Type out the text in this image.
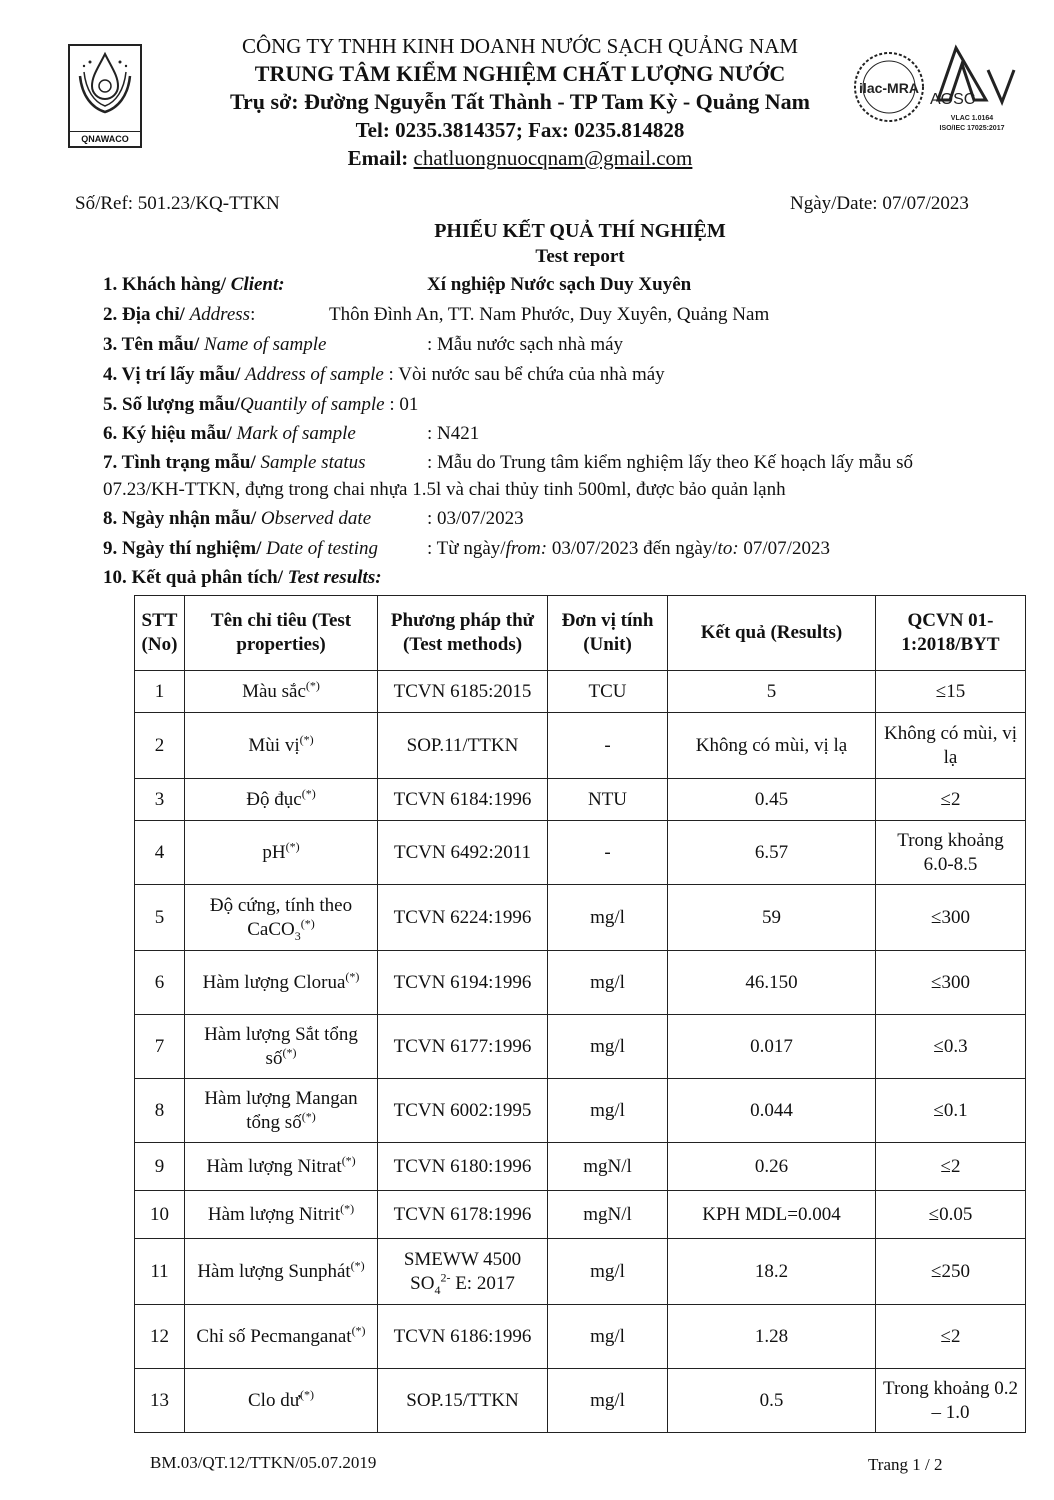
QNAWACO
CÔNG TY TNHH KINH DOANH NƯỚC SẠCH QUẢNG NAM
TRUNG TÂM KIỂM NGHIỆM CHẤT LƯỢNG NƯỚC
Trụ sở: Đường Nguyễn Tất Thành - TP Tam Kỳ - Quảng Nam
Tel: 0235.3814357; Fax: 0235.814828
Email: chatluongnuocqnam@gmail.com
ilac-MRA
AOSC
VLAC 1.0164
ISO/IEC 17025:2017
Số/Ref: 501.23/KQ-TTKN	Ngày/Date: 07/07/2023
PHIẾU KẾT QUẢ THÍ NGHIỆM
Test report
1. Khách hàng/ Client:	Xí nghiệp Nước sạch Duy Xuyên
2. Địa chỉ/ Address:	Thôn Đình An, TT. Nam Phước, Duy Xuyên, Quảng Nam
3. Tên mẫu/ Name of sample	: Mẫu nước sạch nhà máy
4. Vị trí lấy mẫu/ Address of sample : Vòi nước sau bể chứa của nhà máy
5. Số lượng mẫu/Quantily of sample : 01
6. Ký hiệu mẫu/ Mark of sample	: N421
7. Tình trạng mẫu/ Sample status	: Mẫu do Trung tâm kiểm nghiệm lấy theo Kế hoạch lấy mẫu số
07.23/KH-TTKN, đựng trong chai nhựa 1.5l và chai thủy tinh 500ml, được bảo quản lạnh
8. Ngày nhận mẫu/ Observed date	: 03/07/2023
9. Ngày thí nghiệm/ Date of testing	: Từ ngày/from: 03/07/2023 đến ngày/to: 07/07/2023
10. Kết quả phân tích/ Test results:
STT (No)	Tên chỉ tiêu (Test properties)	Phương pháp thử (Test methods)	Đơn vị tính (Unit)	Kết quả (Results)	QCVN 01-1:2018/BYT
1	Màu sắc(*)	TCVN 6185:2015	TCU	5	≤15
2	Mùi vị(*)	SOP.11/TTKN	-	Không có mùi, vị lạ	Không có mùi, vị lạ
3	Độ đục(*)	TCVN 6184:1996	NTU	0.45	≤2
4	pH(*)	TCVN 6492:2011	-	6.57	Trong khoảng 6.0-8.5
5	Độ cứng, tính theo CaCO$_3$(*)	TCVN 6224:1996	mg/l	59	≤300
6	Hàm lượng Clorua(*)	TCVN 6194:1996	mg/l	46.150	≤300
7	Hàm lượng Sắt tổng số(*)	TCVN 6177:1996	mg/l	0.017	≤0.3
8	Hàm lượng Mangan tổng số(*)	TCVN 6002:1995	mg/l	0.044	≤0.1
9	Hàm lượng Nitrat(*)	TCVN 6180:1996	mgN/l	0.26	≤2
10	Hàm lượng Nitrit(*)	TCVN 6178:1996	mgN/l	KPH MDL=0.004	≤0.05
11	Hàm lượng Sunphát(*)	SMEWW 4500
$SO_4^{2-}$ E: 2017	mg/l	18.2	≤250
12	Chỉ số Pecmanganat(*)	TCVN 6186:1996	mg/l	1.28	≤2
13	Clo dư(*)	SOP.15/TTKN	mg/l	0.5	Trong khoảng 0.2 – 1.0
BM.03/QT.12/TTKN/05.07.2019	Trang 1 / 2
